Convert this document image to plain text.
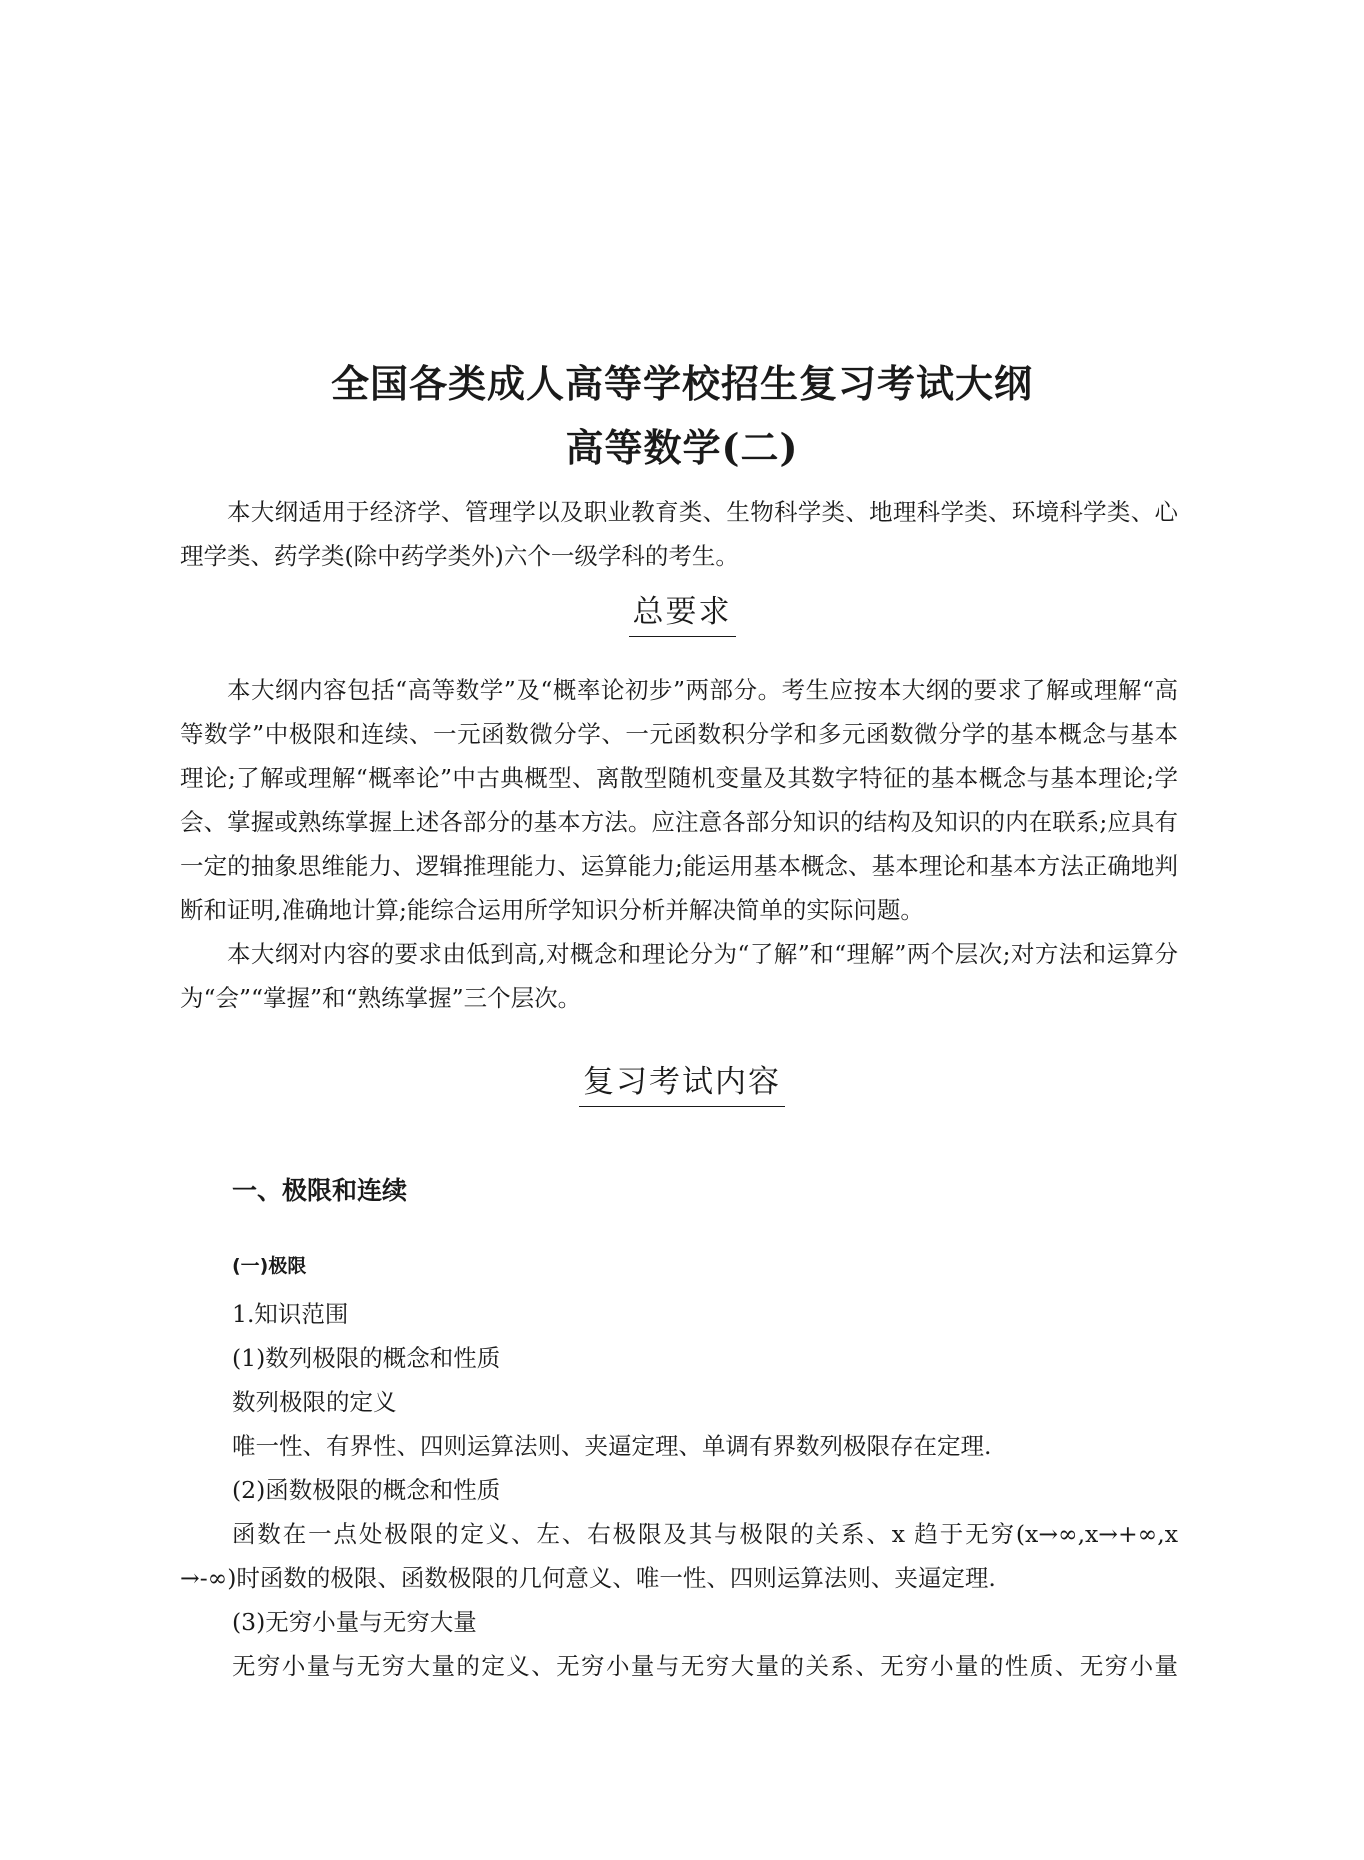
全国各类成人高等学校招生复习考试大纲
高等数学(二)

本大纲适用于经济学、管理学以及职业教育类、生物科学类、地理科学类、环境科学类、心理学类、药学类(除中药学类外)六个一级学科的考生。

总要求

本大纲内容包括“高等数学”及“概率论初步”两部分。考生应按本大纲的要求了解或理解“高等数学”中极限和连续、一元函数微分学、一元函数积分学和多元函数微分学的基本概念与基本理论;了解或理解“概率论”中古典概型、离散型随机变量及其数字特征的基本概念与基本理论;学会、掌握或熟练掌握上述各部分的基本方法。应注意各部分知识的结构及知识的内在联系;应具有一定的抽象思维能力、逻辑推理能力、运算能力;能运用基本概念、基本理论和基本方法正确地判断和证明,准确地计算;能综合运用所学知识分析并解决简单的实际问题。

本大纲对内容的要求由低到高,对概念和理论分为“了解”和“理解”两个层次;对方法和运算分为“会”“掌握”和“熟练掌握”三个层次。

复习考试内容
一、极限和连续
(一)极限
1.知识范围
(1)数列极限的概念和性质
数列极限的定义
唯一性、有界性、四则运算法则、夹逼定理、单调有界数列极限存在定理.
(2)函数极限的概念和性质
函数在一点处极限的定义、左、右极限及其与极限的关系、x 趋于无穷(x→∞,x→+∞,x
→-∞)时函数的极限、函数极限的几何意义、唯一性、四则运算法则、夹逼定理.
(3)无穷小量与无穷大量
无穷小量与无穷大量的定义、无穷小量与无穷大量的关系、无穷小量的性质、无穷小量
